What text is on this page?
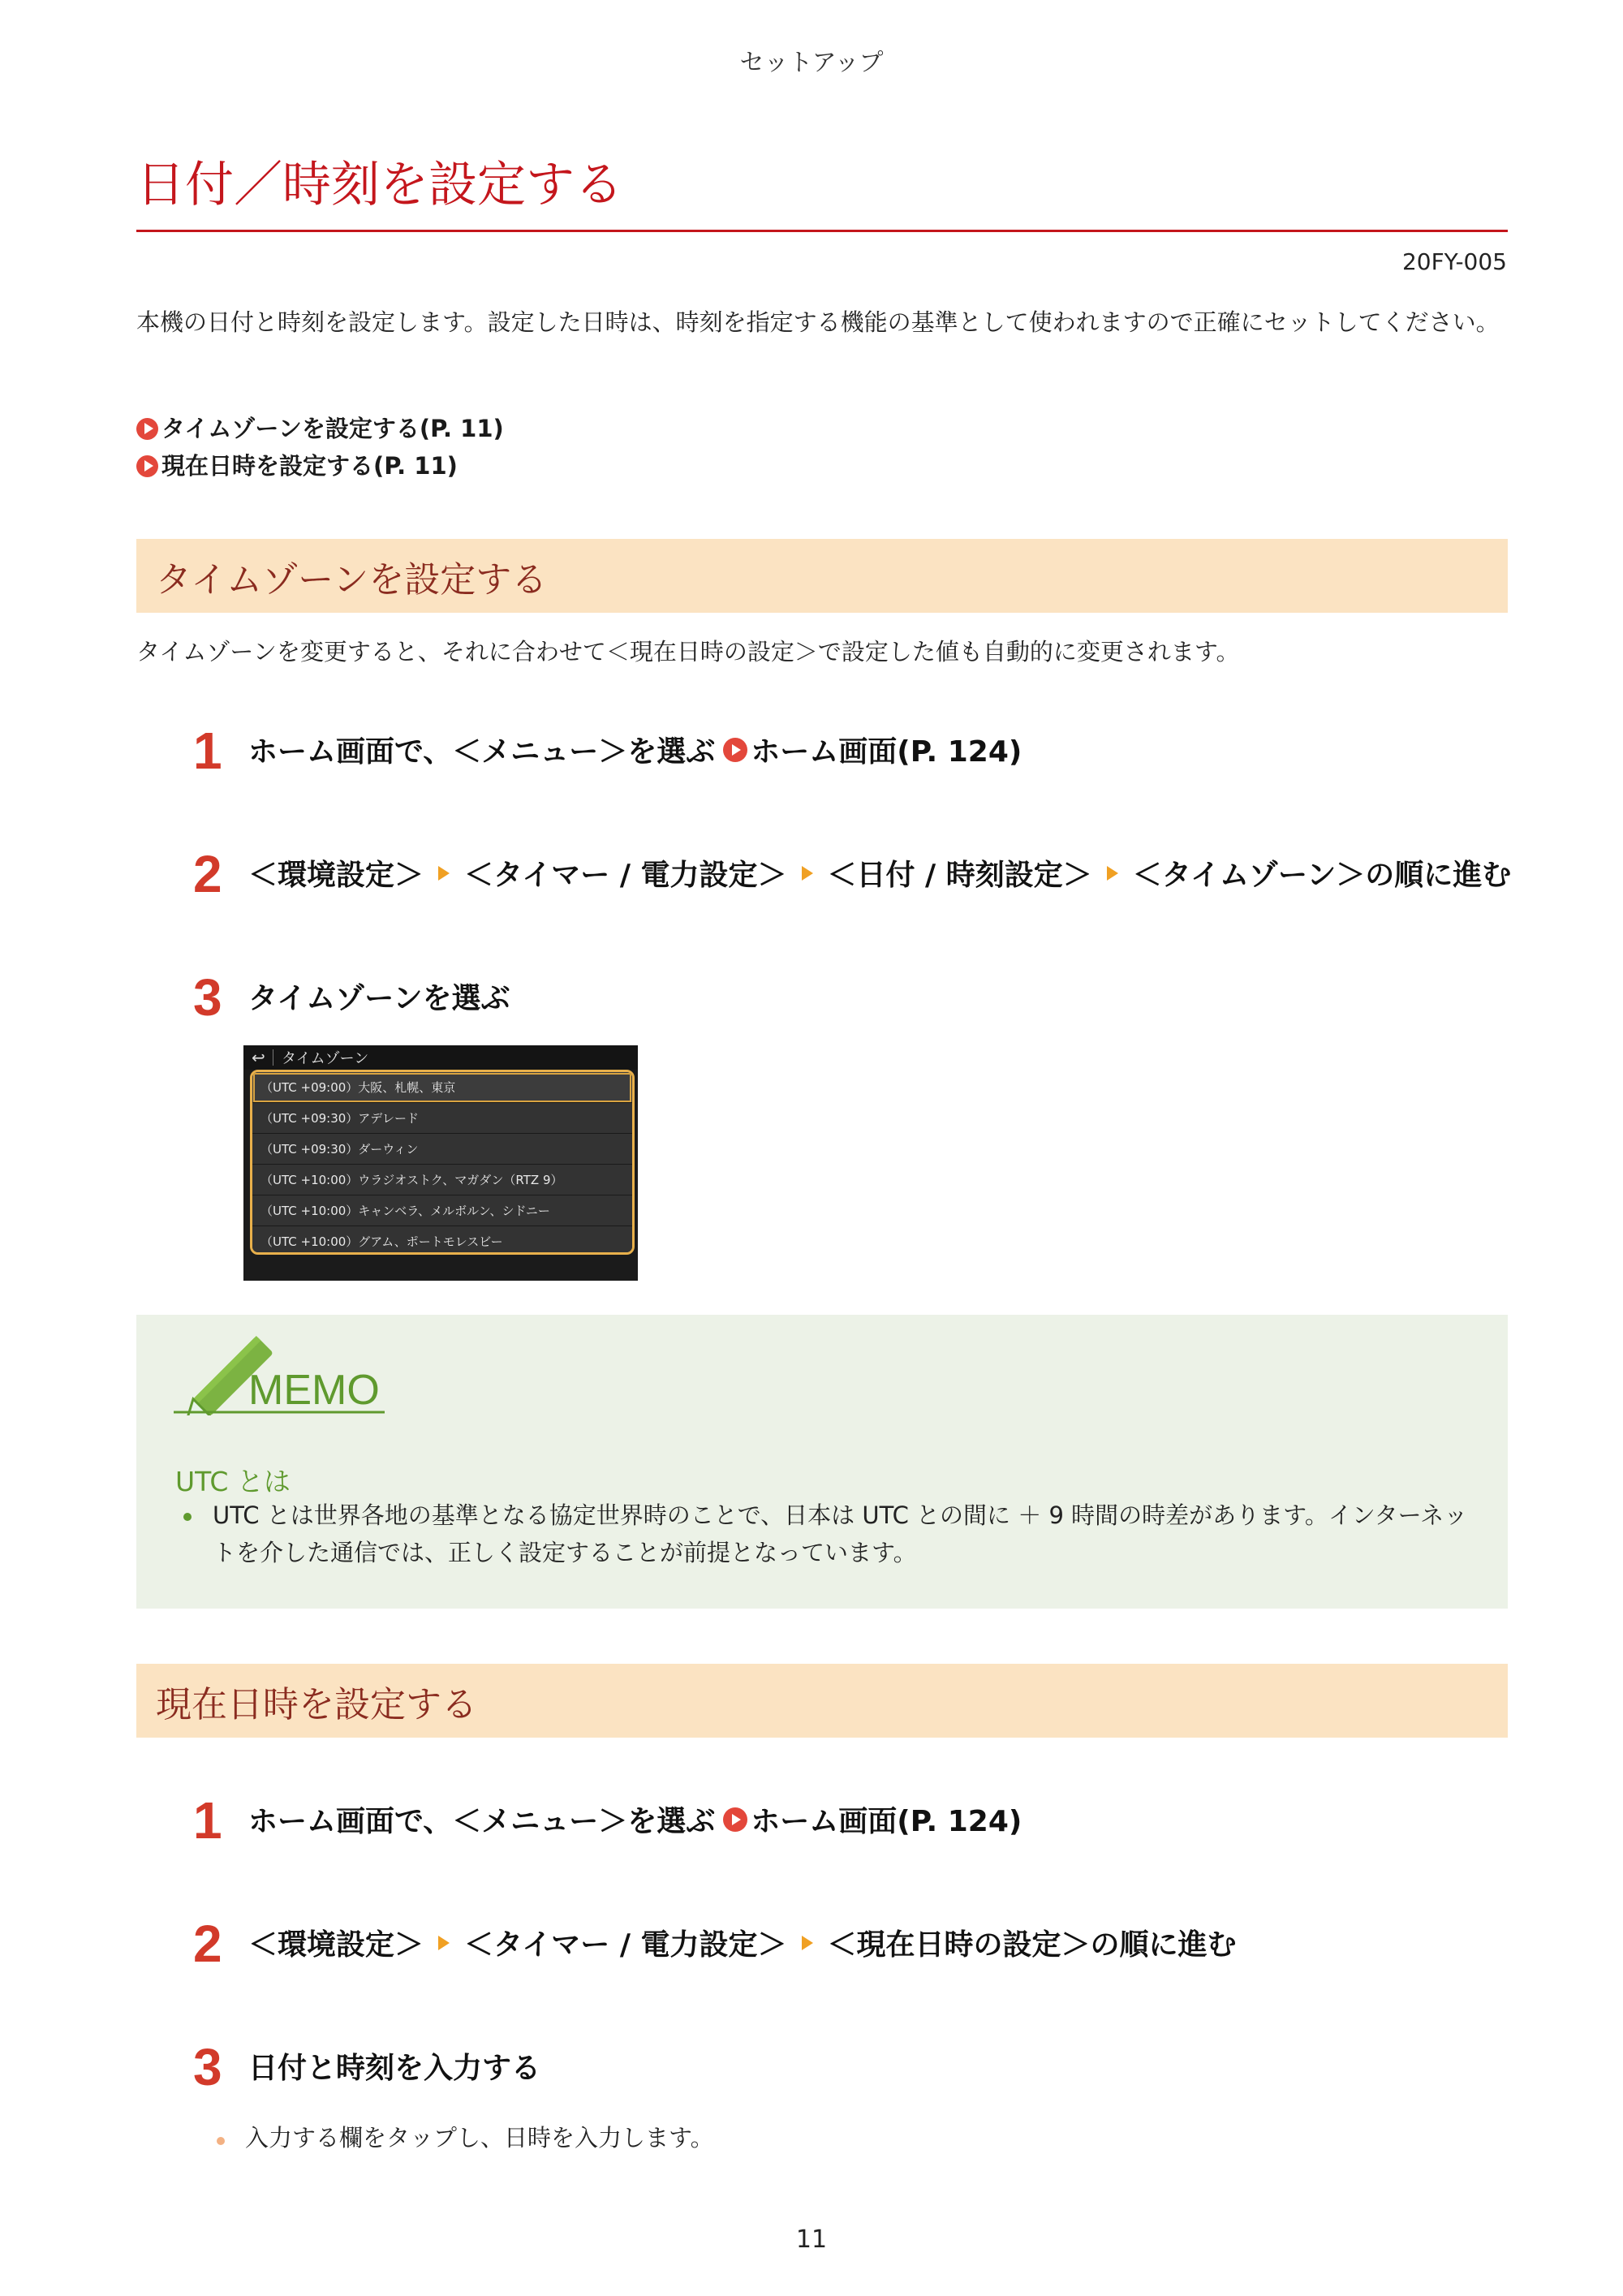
セットアップ
日付／時刻を設定する
20FY-005
本機の日付と時刻を設定します。設定した日時は、時刻を指定する機能の基準として使われますので正確にセットしてください。
タイムゾーンを設定する(P. 11)
現在日時を設定する(P. 11)
タイムゾーンを設定する
タイムゾーンを変更すると、それに合わせて＜現在日時の設定＞で設定した値も自動的に変更されます。
1 ホーム画面で、＜メニュー＞を選ぶ ホーム画面(P. 124)
2 ＜環境設定＞ ＜タイマー / 電力設定＞ ＜日付 / 時刻設定＞ ＜タイムゾーン＞の順に進む
3 タイムゾーンを選ぶ
↩ タイムゾーン
（UTC +09:00）大阪、札幌、東京
（UTC +09:30）アデレード
（UTC +09:30）ダーウィン
（UTC +10:00）ウラジオストク、マガダン（RTZ 9）
（UTC +10:00）キャンベラ、メルボルン、シドニー
（UTC +10:00）グアム、ポートモレスビー
MEMO
UTC とは
UTC とは世界各地の基準となる協定世界時のことで、日本は UTC との間に ＋ 9 時間の時差があります。インターネットを介した通信では、正しく設定することが前提となっています。
現在日時を設定する
1 ホーム画面で、＜メニュー＞を選ぶ ホーム画面(P. 124)
2 ＜環境設定＞ ＜タイマー / 電力設定＞ ＜現在日時の設定＞の順に進む
3 日付と時刻を入力する
入力する欄をタップし、日時を入力します。
11
